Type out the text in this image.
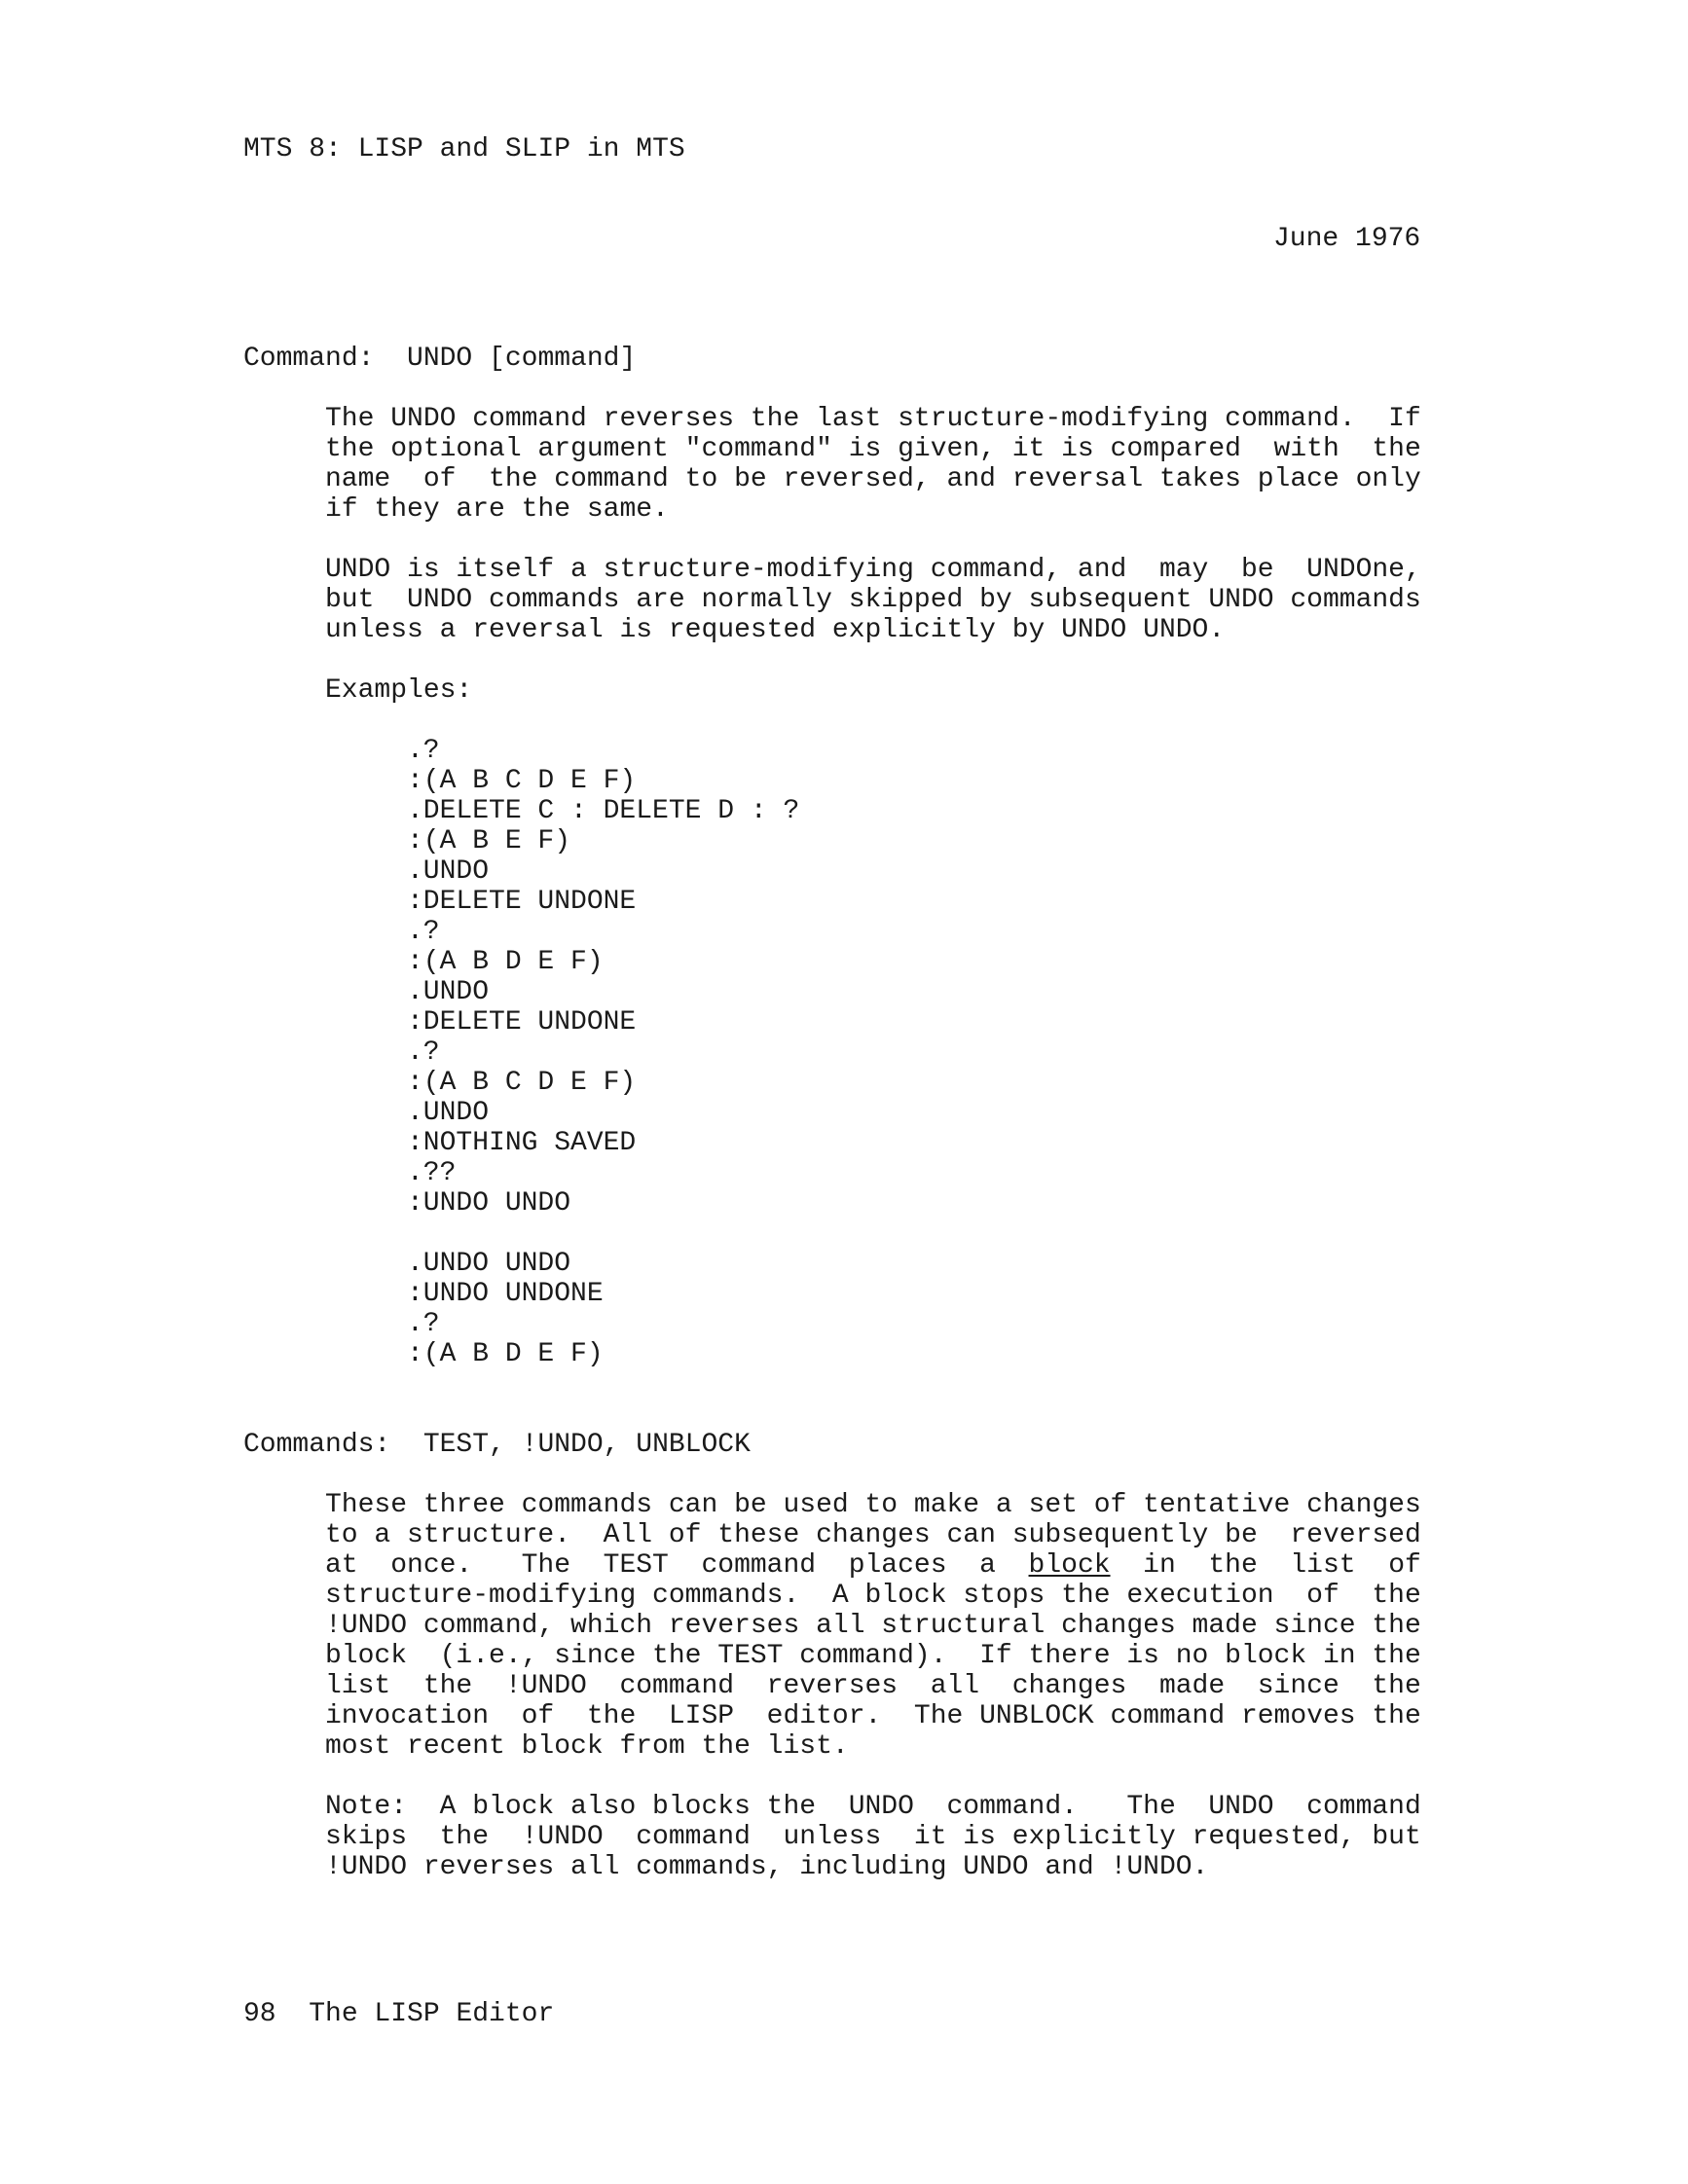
MTS 8: LISP and SLIP in MTS
June 1976
Command:  UNDO [command]
The UNDO command reverses the last structure-modifying command.  If
the optional argument "command" is given, it is compared  with  the
name  of  the command to be reversed, and reversal takes place only
if they are the same.
UNDO is itself a structure-modifying command, and  may  be  UNDOne,
but  UNDO commands are normally skipped by subsequent UNDO commands
unless a reversal is requested explicitly by UNDO UNDO.
Examples:
.?
:(A B C D E F)
.DELETE C : DELETE D : ?
:(A B E F)
.UNDO
:DELETE UNDONE
.?
:(A B D E F)
.UNDO
:DELETE UNDONE
.?
:(A B C D E F)
.UNDO
:NOTHING SAVED
.??
:UNDO UNDO
.UNDO UNDO
:UNDO UNDONE
.?
:(A B D E F)
Commands:  TEST, !UNDO, UNBLOCK
These three commands can be used to make a set of tentative changes
to a structure.  All of these changes can subsequently be  reversed
at  once.   The  TEST  command  places  a  block  in  the  list  of
structure-modifying commands.  A block stops the execution  of  the
!UNDO command, which reverses all structural changes made since the
block  (i.e., since the TEST command).  If there is no block in the
list  the  !UNDO  command  reverses  all  changes  made  since  the
invocation  of  the  LISP  editor.  The UNBLOCK command removes the
most recent block from the list.
Note:  A block also blocks the  UNDO  command.   The  UNDO  command
skips  the  !UNDO  command  unless  it is explicitly requested, but
!UNDO reverses all commands, including UNDO and !UNDO.
98 The LISP Editor
